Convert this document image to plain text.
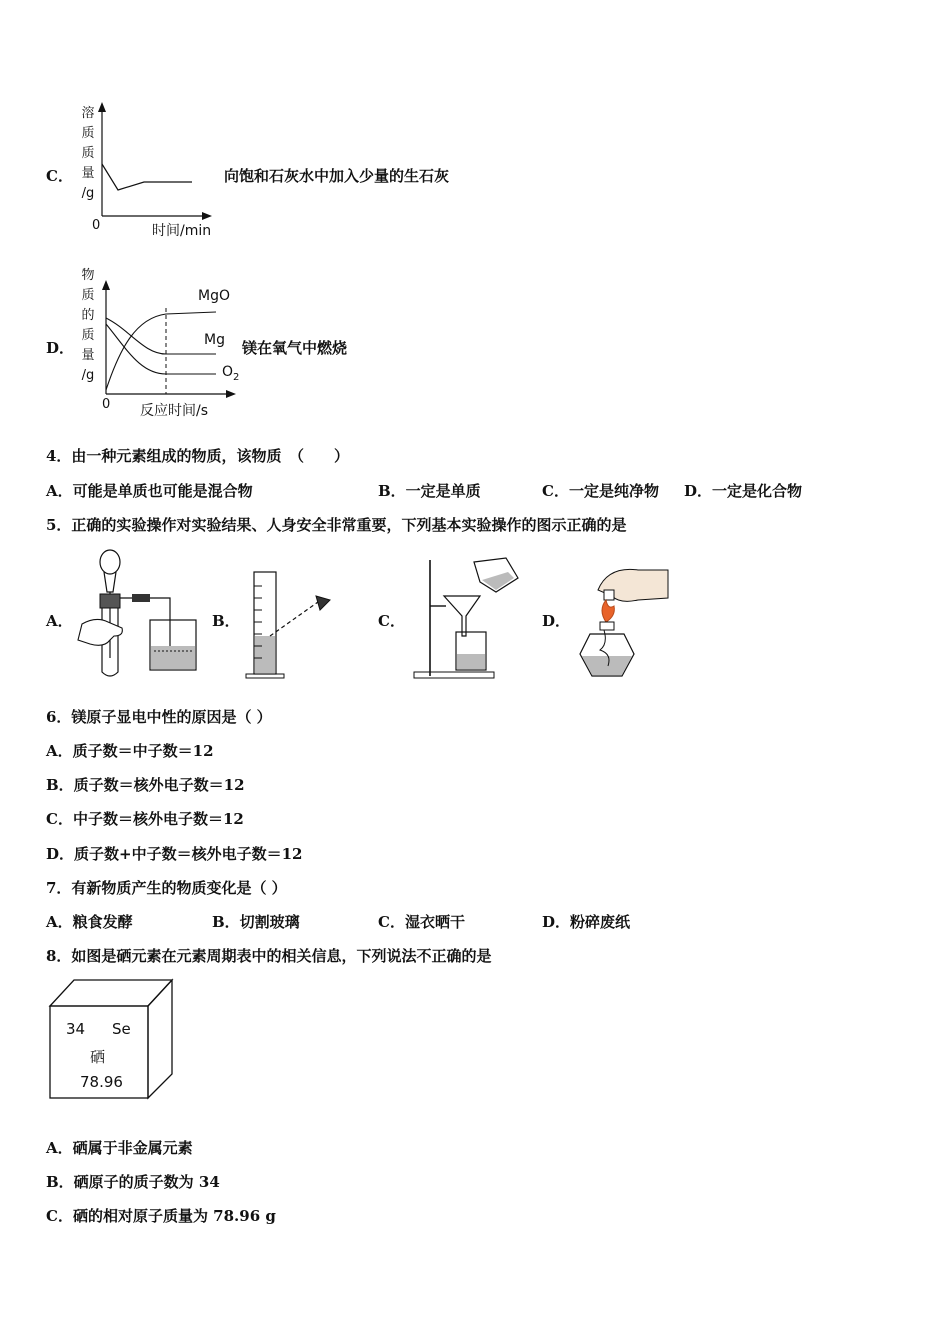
C．
溶
质
质
量
/g
0	时间/min
向饱和石灰水中加入少量的生石灰
D．
物
质
的
质
量
/g
MgO
Mg
$O_2$
镁在氧气中燃烧
0 反应时间/s
4．由一种元素组成的物质，该物质　（　　）
A．可能是单质也可能是混合物	B．一定是单质	C．一定是纯净物 D．一定是化合物
5．正确的实验操作对实验结果、人身安全非常重要，下列基本实验操作的图示正确的是
A．	B．	C．	D．
6．镁原子显电中性的原因是（ ）
A．质子数＝中子数＝12
B．质子数＝核外电子数＝12
C．中子数＝核外电子数＝12
D．质子数+中子数＝核外电子数＝12
7．有新物质产生的物质变化是（ ）
A．粮食发酵	B．切割玻璃	C．湿衣晒干	D．粉碎废纸
8．如图是硒元素在元素周期表中的相关信息，下列说法不正确的是
34 Se
硒
78.96
A．硒属于非金属元素
B．硒原子的质子数为 34
C．硒的相对原子质量为 78.96 g
